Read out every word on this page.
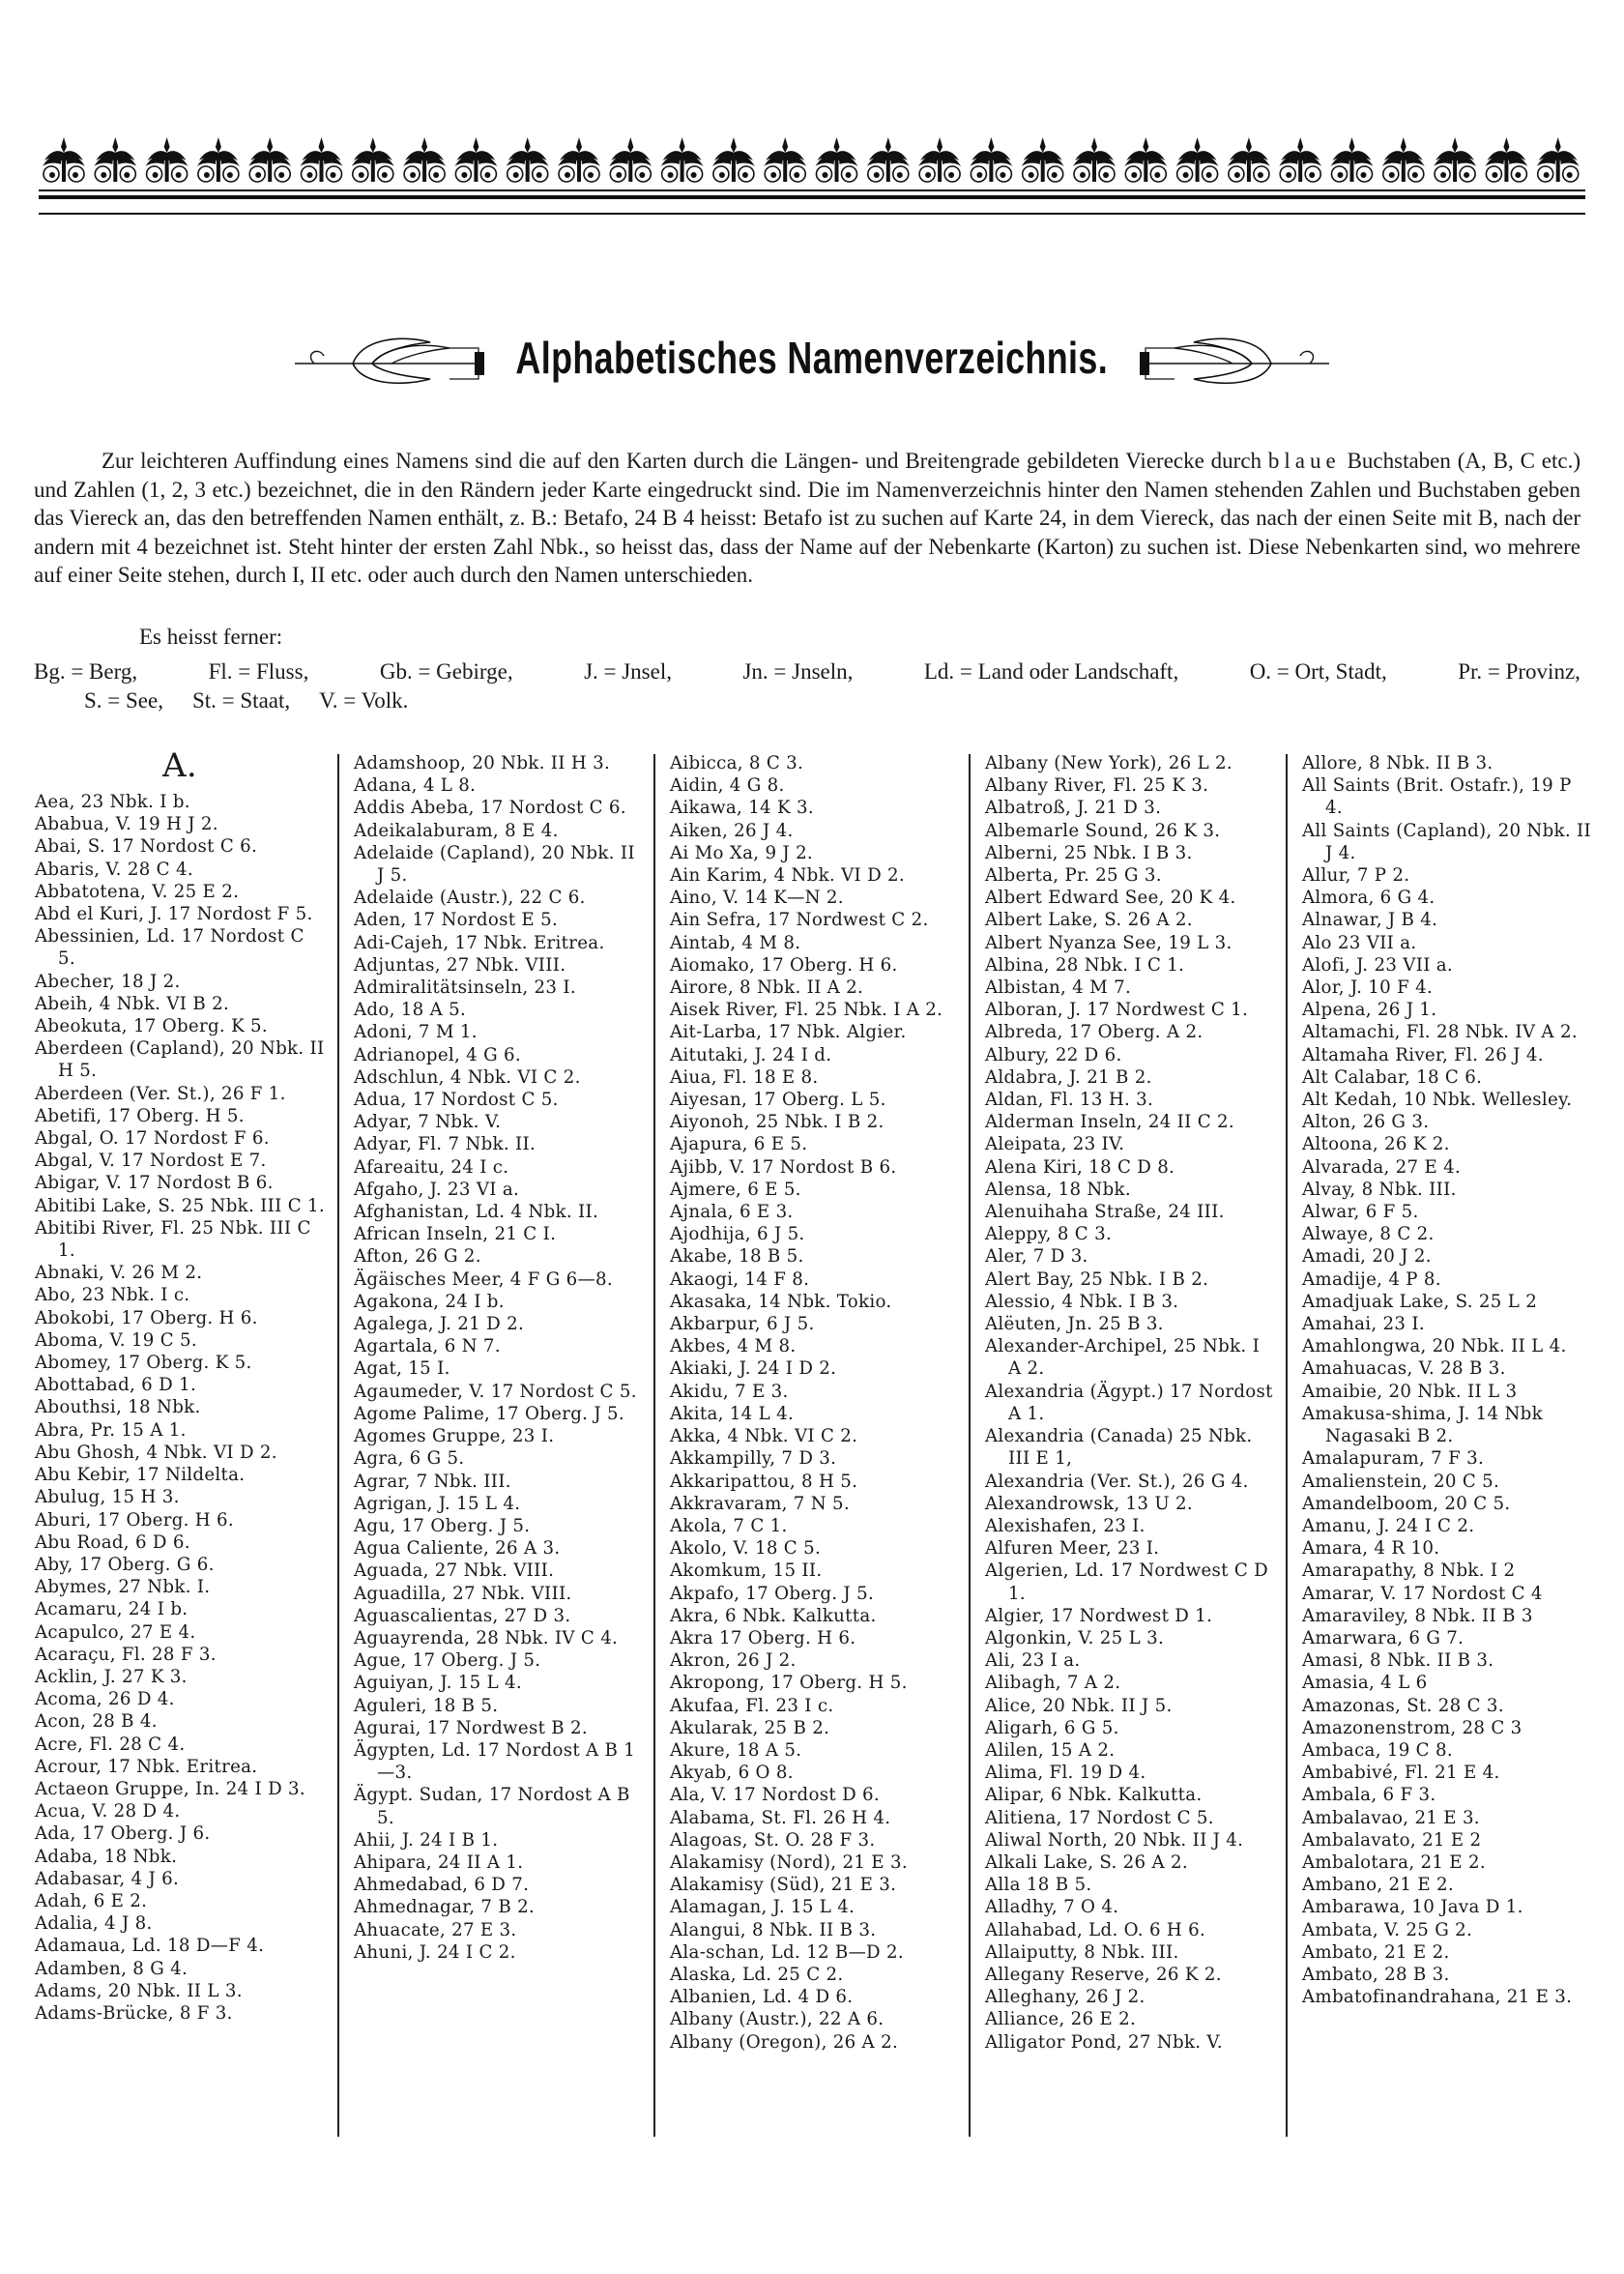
Alphabetisches Namenverzeichnis.
Zur leichteren Auffindung eines Namens sind die auf den Karten durch die Längen- und Breitengrade gebildeten Vierecke durch blaue Buchstaben (A, B, C etc.) und Zahlen (1, 2, 3 etc.) bezeichnet, die in den Rändern jeder Karte eingedruckt sind. Die im Namenverzeichnis hinter den Namen stehenden Zahlen und Buchstaben geben das Viereck an, das den betreffenden Namen enthält, z. B.: Betafo, 24 B 4 heisst: Betafo ist zu suchen auf Karte 24, in dem Viereck, das nach der einen Seite mit B, nach der andern mit 4 bezeichnet ist. Steht hinter der ersten Zahl Nbk., so heisst das, dass der Name auf der Nebenkarte (Karton) zu suchen ist. Diese Nebenkarten sind, wo mehrere auf einer Seite stehen, durch I, II etc. oder auch durch den Namen unterschieden.
Es heisst ferner:
Bg. = Berg,	Fl. = Fluss,	Gb. = Gebirge,	J. = Jnsel,	Jn. = Jnseln,	Ld. = Land oder Landschaft,	O. = Ort, Stadt,	Pr. = Provinz,
S. = See, St. = Staat, V. = Volk.
A.
Aea, 23 Nbk. I b.
Ababua, V. 19 H J 2.
Abai, S. 17 Nordost C 6.
Abaris, V. 28 C 4.
Abbatotena, V. 25 E 2.
Abd el Kuri, J. 17 Nordost F 5.
Abessinien, Ld. 17 Nordost C 5.
Abecher, 18 J 2.
Abeih, 4 Nbk. VI B 2.
Abeokuta, 17 Oberg. K 5.
Aberdeen (Capland), 20 Nbk. II H 5.
Aberdeen (Ver. St.), 26 F 1.
Abetifi, 17 Oberg. H 5.
Abgal, O. 17 Nordost F 6.
Abgal, V. 17 Nordost E 7.
Abigar, V. 17 Nordost B 6.
Abitibi Lake, S. 25 Nbk. III C 1.
Abitibi River, Fl. 25 Nbk. III C 1.
Abnaki, V. 26 M 2.
Abo, 23 Nbk. I c.
Abokobi, 17 Oberg. H 6.
Aboma, V. 19 C 5.
Abomey, 17 Oberg. K 5.
Abottabad, 6 D 1.
Abouthsi, 18 Nbk.
Abra, Pr. 15 A 1.
Abu Ghosh, 4 Nbk. VI D 2.
Abu Kebir, 17 Nildelta.
Abulug, 15 H 3.
Aburi, 17 Oberg. H 6.
Abu Road, 6 D 6.
Aby, 17 Oberg. G 6.
Abymes, 27 Nbk. I.
Acamaru, 24 I b.
Acapulco, 27 E 4.
Acaraçu, Fl. 28 F 3.
Acklin, J. 27 K 3.
Acoma, 26 D 4.
Acon, 28 B 4.
Acre, Fl. 28 C 4.
Acrour, 17 Nbk. Eritrea.
Actaeon Gruppe, In. 24 I D 3.
Acua, V. 28 D 4.
Ada, 17 Oberg. J 6.
Adaba, 18 Nbk.
Adabasar, 4 J 6.
Adah, 6 E 2.
Adalia, 4 J 8.
Adamaua, Ld. 18 D—F 4.
Adamben, 8 G 4.
Adams, 20 Nbk. II L 3.
Adams-Brücke, 8 F 3.
Adamshoop, 20 Nbk. II H 3.
Adana, 4 L 8.
Addis Abeba, 17 Nordost C 6.
Adeikalaburam, 8 E 4.
Adelaide (Capland), 20 Nbk. II J 5.
Adelaide (Austr.), 22 C 6.
Aden, 17 Nordost E 5.
Adi-Cajeh, 17 Nbk. Eritrea.
Adjuntas, 27 Nbk. VIII.
Admiralitätsinseln, 23 I.
Ado, 18 A 5.
Adoni, 7 M 1.
Adrianopel, 4 G 6.
Adschlun, 4 Nbk. VI C 2.
Adua, 17 Nordost C 5.
Adyar, 7 Nbk. V.
Adyar, Fl. 7 Nbk. II.
Afareaitu, 24 I c.
Afgaho, J. 23 VI a.
Afghanistan, Ld. 4 Nbk. II.
African Inseln, 21 C I.
Afton, 26 G 2.
Ägäisches Meer, 4 F G 6—8.
Agakona, 24 I b.
Agalega, J. 21 D 2.
Agartala, 6 N 7.
Agat, 15 I.
Agaumeder, V. 17 Nordost C 5.
Agome Palime, 17 Oberg. J 5.
Agomes Gruppe, 23 I.
Agra, 6 G 5.
Agrar, 7 Nbk. III.
Agrigan, J. 15 L 4.
Agu, 17 Oberg. J 5.
Agua Caliente, 26 A 3.
Aguada, 27 Nbk. VIII.
Aguadilla, 27 Nbk. VIII.
Aguascalientas, 27 D 3.
Aguayrenda, 28 Nbk. IV C 4.
Ague, 17 Oberg. J 5.
Aguiyan, J. 15 L 4.
Aguleri, 18 B 5.
Agurai, 17 Nordwest B 2.
Ägypten, Ld. 17 Nordost A B 1—3.
Ägypt. Sudan, 17 Nordost A B 5.
Ahii, J. 24 I B 1.
Ahipara, 24 II A 1.
Ahmedabad, 6 D 7.
Ahmednagar, 7 B 2.
Ahuacate, 27 E 3.
Ahuni, J. 24 I C 2.
Aibicca, 8 C 3.
Aidin, 4 G 8.
Aikawa, 14 K 3.
Aiken, 26 J 4.
Ai Mo Xa, 9 J 2.
Ain Karim, 4 Nbk. VI D 2.
Aino, V. 14 K—N 2.
Ain Sefra, 17 Nordwest C 2.
Aintab, 4 M 8.
Aiomako, 17 Oberg. H 6.
Airore, 8 Nbk. II A 2.
Aisek River, Fl. 25 Nbk. I A 2.
Ait-Larba, 17 Nbk. Algier.
Aitutaki, J. 24 I d.
Aiua, Fl. 18 E 8.
Aiyesan, 17 Oberg. L 5.
Aiyonoh, 25 Nbk. I B 2.
Ajapura, 6 E 5.
Ajibb, V. 17 Nordost B 6.
Ajmere, 6 E 5.
Ajnala, 6 E 3.
Ajodhija, 6 J 5.
Akabe, 18 B 5.
Akaogi, 14 F 8.
Akasaka, 14 Nbk. Tokio.
Akbarpur, 6 J 5.
Akbes, 4 M 8.
Akiaki, J. 24 I D 2.
Akidu, 7 E 3.
Akita, 14 L 4.
Akka, 4 Nbk. VI C 2.
Akkampilly, 7 D 3.
Akkaripattou, 8 H 5.
Akkravaram, 7 N 5.
Akola, 7 C 1.
Akolo, V. 18 C 5.
Akomkum, 15 II.
Akpafo, 17 Oberg. J 5.
Akra, 6 Nbk. Kalkutta.
Akra 17 Oberg. H 6.
Akron, 26 J 2.
Akropong, 17 Oberg. H 5.
Akufaa, Fl. 23 I c.
Akularak, 25 B 2.
Akure, 18 A 5.
Akyab, 6 O 8.
Ala, V. 17 Nordost D 6.
Alabama, St. Fl. 26 H 4.
Alagoas, St. O. 28 F 3.
Alakamisy (Nord), 21 E 3.
Alakamisy (Süd), 21 E 3.
Alamagan, J. 15 L 4.
Alangui, 8 Nbk. II B 3.
Ala-schan, Ld. 12 B—D 2.
Alaska, Ld. 25 C 2.
Albanien, Ld. 4 D 6.
Albany (Austr.), 22 A 6.
Albany (Oregon), 26 A 2.
Albany (New York), 26 L 2.
Albany River, Fl. 25 K 3.
Albatroß, J. 21 D 3.
Albemarle Sound, 26 K 3.
Alberni, 25 Nbk. I B 3.
Alberta, Pr. 25 G 3.
Albert Edward See, 20 K 4.
Albert Lake, S. 26 A 2.
Albert Nyanza See, 19 L 3.
Albina, 28 Nbk. I C 1.
Albistan, 4 M 7.
Alboran, J. 17 Nordwest C 1.
Albreda, 17 Oberg. A 2.
Albury, 22 D 6.
Aldabra, J. 21 B 2.
Aldan, Fl. 13 H. 3.
Alderman Inseln, 24 II C 2.
Aleipata, 23 IV.
Alena Kiri, 18 C D 8.
Alensa, 18 Nbk.
Alenuihaha Straße, 24 III.
Aleppy, 8 C 3.
Aler, 7 D 3.
Alert Bay, 25 Nbk. I B 2.
Alessio, 4 Nbk. I B 3.
Alëuten, Jn. 25 B 3.
Alexander-Archipel, 25 Nbk. I A 2.
Alexandria (Ägypt.) 17 Nordost A 1.
Alexandria (Canada) 25 Nbk. III E 1,
Alexandria (Ver. St.), 26 G 4.
Alexandrowsk, 13 U 2.
Alexishafen, 23 I.
Alfuren Meer, 23 I.
Algerien, Ld. 17 Nordwest C D 1.
Algier, 17 Nordwest D 1.
Algonkin, V. 25 L 3.
Ali, 23 I a.
Alibagh, 7 A 2.
Alice, 20 Nbk. II J 5.
Aligarh, 6 G 5.
Alilen, 15 A 2.
Alima, Fl. 19 D 4.
Alipar, 6 Nbk. Kalkutta.
Alitiena, 17 Nordost C 5.
Aliwal North, 20 Nbk. II J 4.
Alkali Lake, S. 26 A 2.
Alla 18 B 5.
Alladhy, 7 O 4.
Allahabad, Ld. O. 6 H 6.
Allaiputty, 8 Nbk. III.
Allegany Reserve, 26 K 2.
Alleghany, 26 J 2.
Alliance, 26 E 2.
Alligator Pond, 27 Nbk. V.
Allore, 8 Nbk. II B 3.
All Saints (Brit. Ostafr.), 19 P 4.
All Saints (Capland), 20 Nbk. II J 4.
Allur, 7 P 2.
Almora, 6 G 4.
Alnawar, J B 4.
Alo 23 VII a.
Alofi, J. 23 VII a.
Alor, J. 10 F 4.
Alpena, 26 J 1.
Altamachi, Fl. 28 Nbk. IV A 2.
Altamaha River, Fl. 26 J 4.
Alt Calabar, 18 C 6.
Alt Kedah, 10 Nbk. Wellesley.
Alton, 26 G 3.
Altoona, 26 K 2.
Alvarada, 27 E 4.
Alvay, 8 Nbk. III.
Alwar, 6 F 5.
Alwaye, 8 C 2.
Amadi, 20 J 2.
Amadije, 4 P 8.
Amadjuak Lake, S. 25 L 2
Amahai, 23 I.
Amahlongwa, 20 Nbk. II L 4.
Amahuacas, V. 28 B 3.
Amaibie, 20 Nbk. II L 3
Amakusa-shima, J. 14 Nbk Nagasaki B 2.
Amalapuram, 7 F 3.
Amalienstein, 20 C 5.
Amandelboom, 20 C 5.
Amanu, J. 24 I C 2.
Amara, 4 R 10.
Amarapathy, 8 Nbk. I 2
Amarar, V. 17 Nordost C 4
Amaraviley, 8 Nbk. II B 3
Amarwara, 6 G 7.
Amasi, 8 Nbk. II B 3.
Amasia, 4 L 6
Amazonas, St. 28 C 3.
Amazonenstrom, 28 C 3
Ambaca, 19 C 8.
Ambabivé, Fl. 21 E 4.
Ambala, 6 F 3.
Ambalavao, 21 E 3.
Ambalavato, 21 E 2
Ambalotara, 21 E 2.
Ambano, 21 E 2.
Ambarawa, 10 Java D 1.
Ambata, V. 25 G 2.
Ambato, 21 E 2.
Ambato, 28 B 3.
Ambatofinandrahana, 21 E 3.
